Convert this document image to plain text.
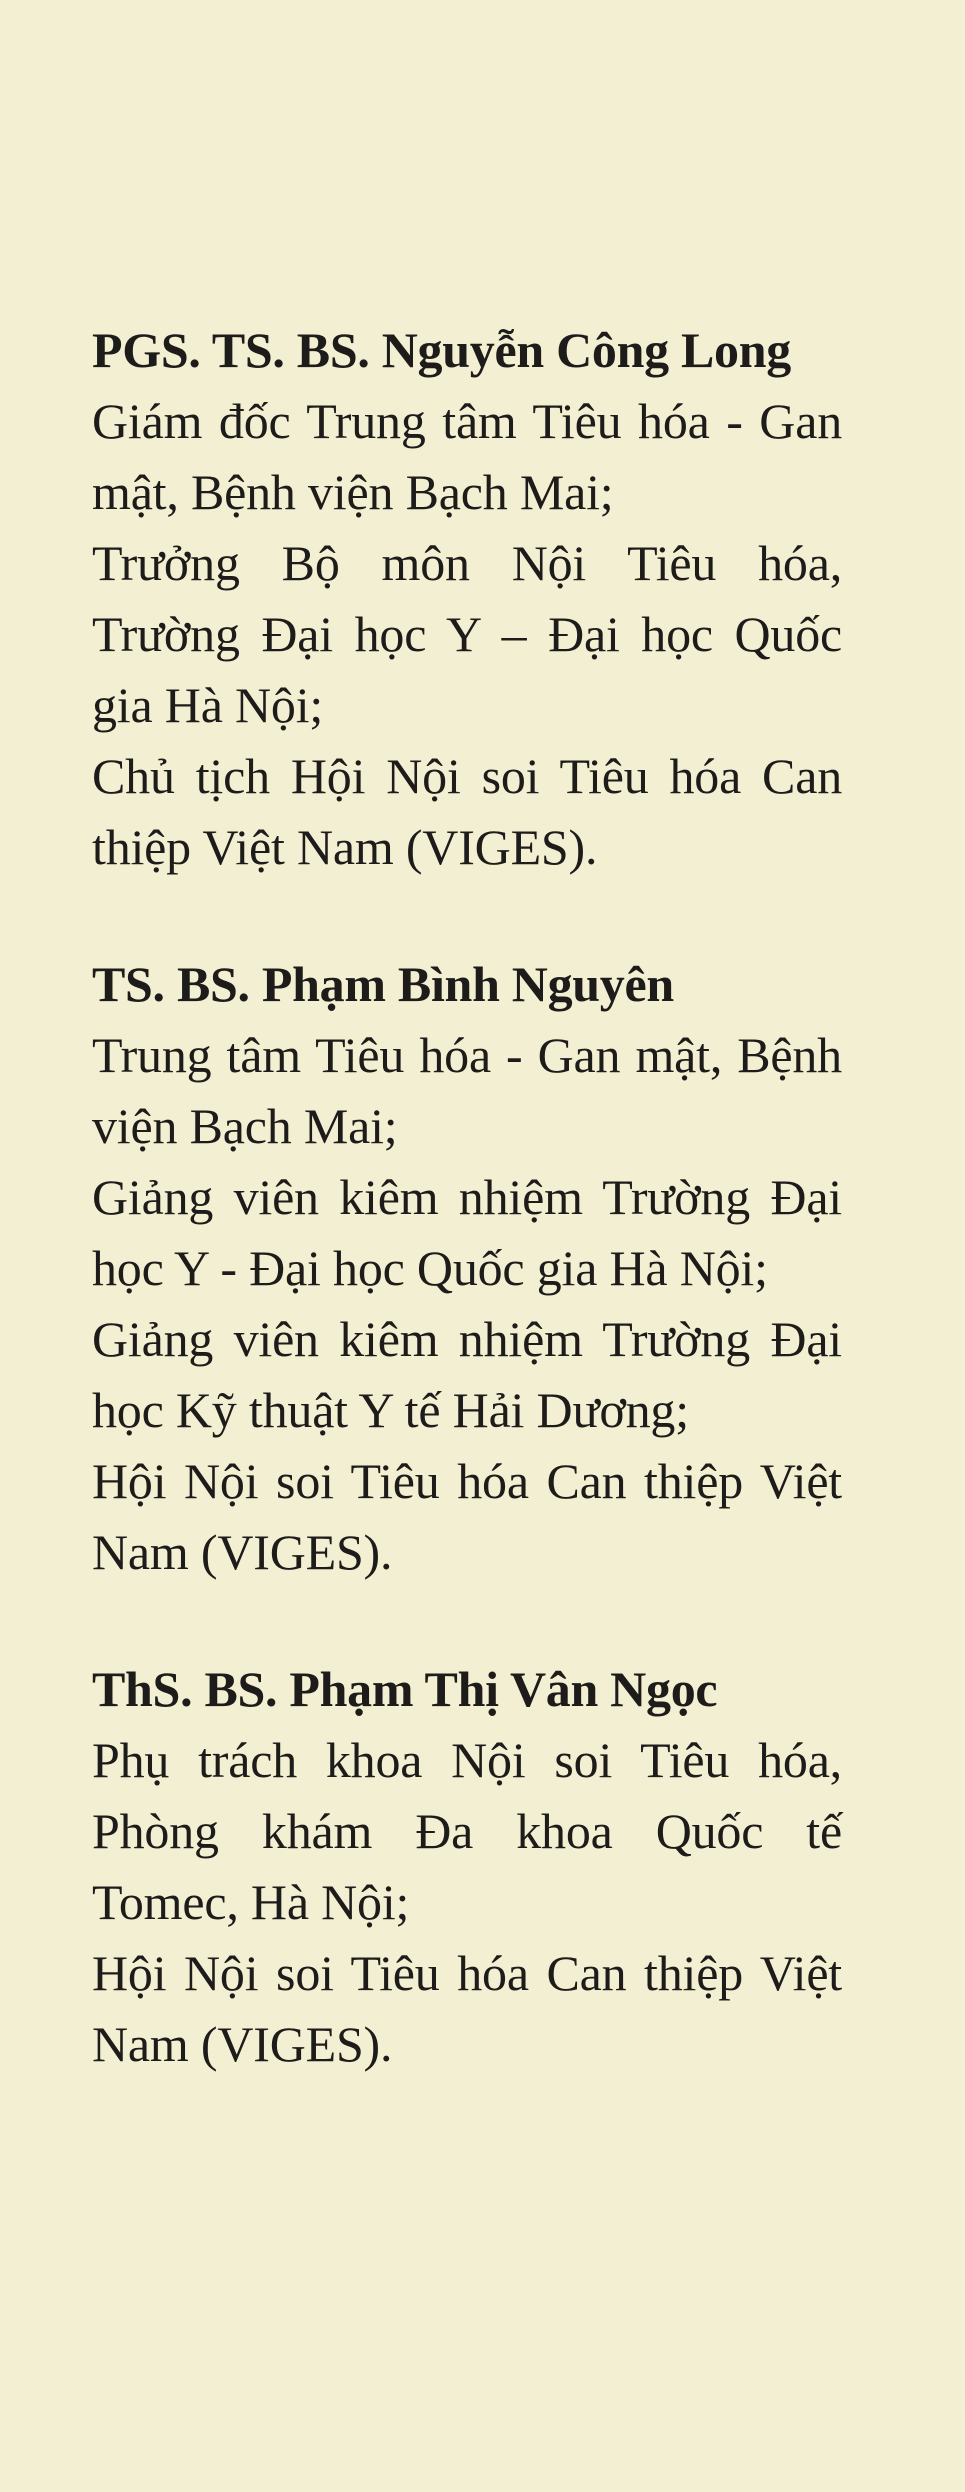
PGS. TS. BS. Nguyễn Công Long

Giám đốc Trung tâm Tiêu hóa - Gan mật, Bệnh viện Bạch Mai;

Trưởng Bộ môn Nội Tiêu hóa, Trường Đại học Y – Đại học Quốc gia Hà Nội;

Chủ tịch Hội Nội soi Tiêu hóa Can thiệp Việt Nam (VIGES).

TS. BS. Phạm Bình Nguyên

Trung tâm Tiêu hóa - Gan mật, Bệnh viện Bạch Mai;

Giảng viên kiêm nhiệm Trường Đại học Y - Đại học Quốc gia Hà Nội;

Giảng viên kiêm nhiệm Trường Đại học Kỹ thuật Y tế Hải Dương;

Hội Nội soi Tiêu hóa Can thiệp Việt Nam (VIGES).

ThS. BS. Phạm Thị Vân Ngọc

Phụ trách khoa Nội soi Tiêu hóa, Phòng khám Đa khoa Quốc tế Tomec, Hà Nội;

Hội Nội soi Tiêu hóa Can thiệp Việt Nam (VIGES).
